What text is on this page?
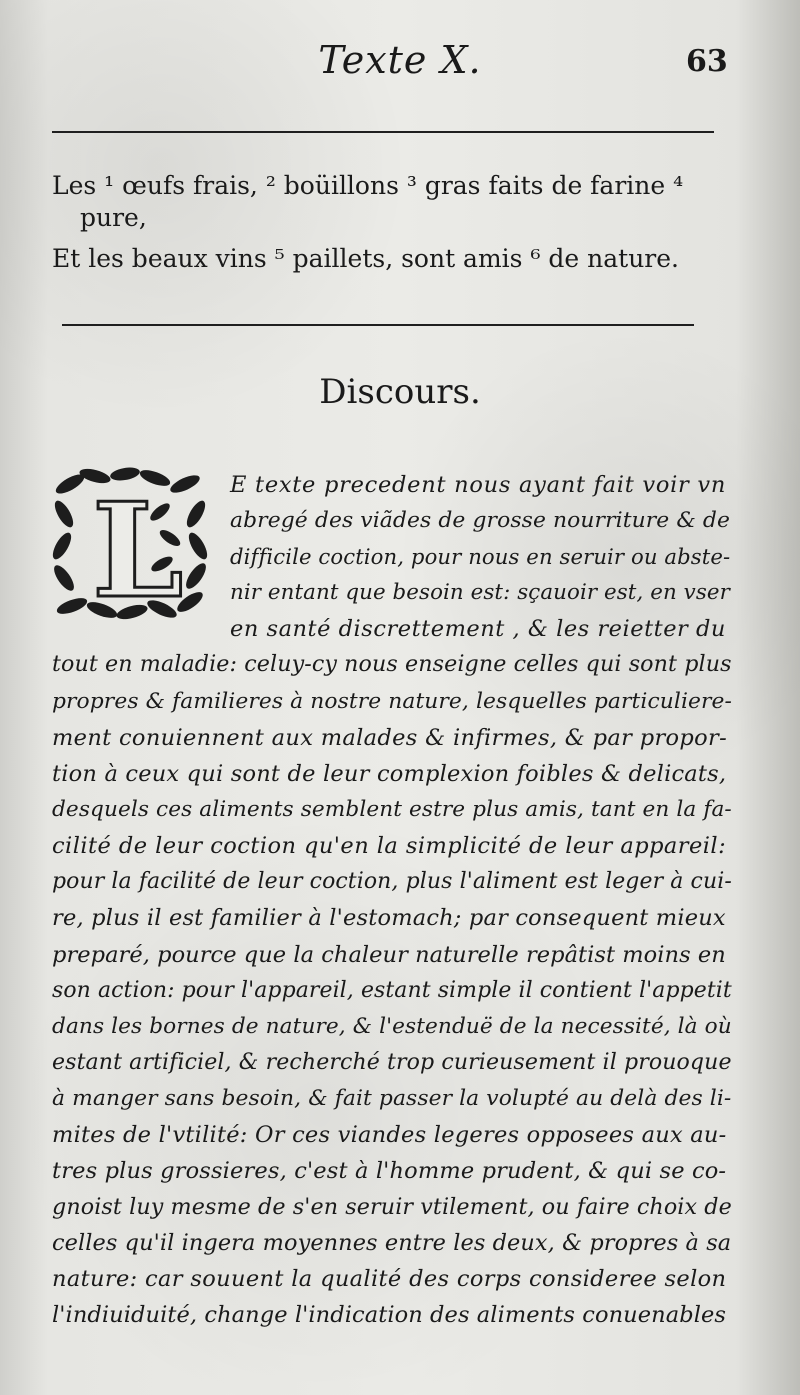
Texte X.	63
Les ¹ œufs frais, ² boüillons ³ gras faits de farine ⁴
pure,
Et les beaux vins ⁵ paillets, sont amis ⁶ de nature.
Discours.
L E texte precedent nous ayant fait voir vn
abregé des viãdes de grosse nourriture & de
difficile coction, pour nous en seruir ou abste-
nir entant que besoin est: sçauoir est, en vser
en santé discrettement , & les reietter du
tout en maladie: celuy-cy nous enseigne celles qui sont plus
propres & familieres à nostre nature, lesquelles particuliere-
ment conuiennent aux malades & infirmes, & par propor-
tion à ceux qui sont de leur complexion foibles & delicats,
desquels ces aliments semblent estre plus amis, tant en la fa-
cilité de leur coction qu'en la simplicité de leur appareil:
pour la facilité de leur coction, plus l'aliment est leger à cui-
re, plus il est familier à l'estomach; par consequent mieux
preparé, pource que la chaleur naturelle repâtist moins en
son action: pour l'appareil, estant simple il contient l'appetit
dans les bornes de nature, & l'estenduë de la necessité, là où
estant artificiel, & recherché trop curieusement il prouoque
à manger sans besoin, & fait passer la volupté au delà des li-
mites de l'vtilité: Or ces viandes legeres opposees aux au-
tres plus grossieres, c'est à l'homme prudent, & qui se co-
gnoist luy mesme de s'en seruir vtilement, ou faire choix de
celles qu'il ingera moyennes entre les deux, & propres à sa
nature: car souuent la qualité des corps consideree selon
l'indiuiduité, change l'indication des aliments conuenables
